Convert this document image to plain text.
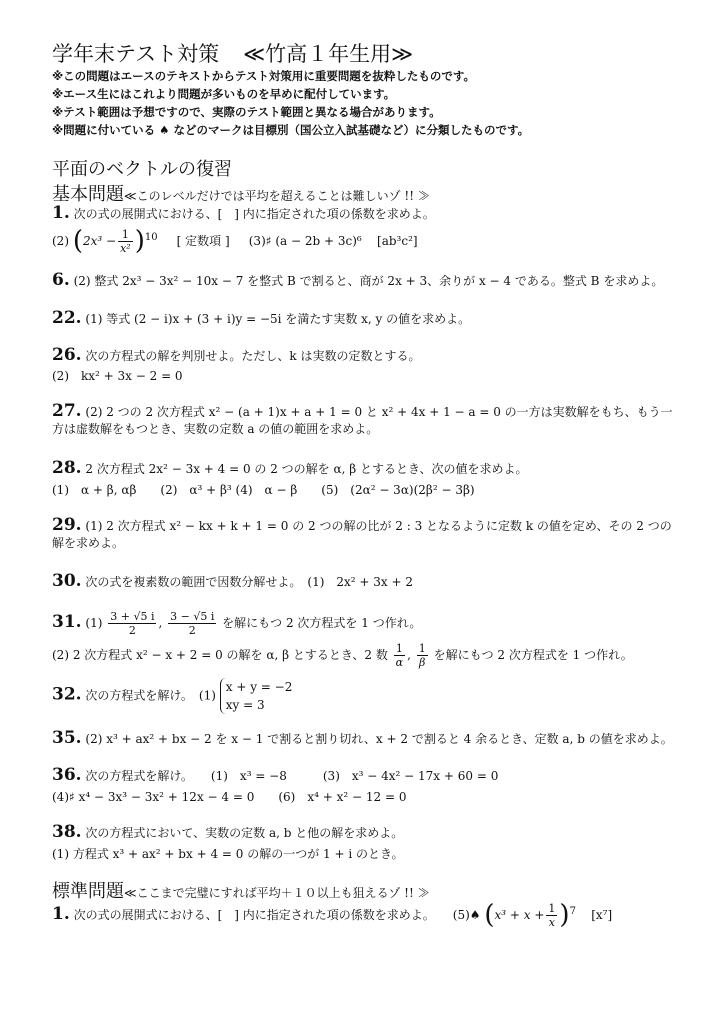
学年末テスト対策 ≪竹高１年生用≫
※この問題はエースのテキストからテスト対策用に重要問題を抜粋したものです。
※エース生にはこれより問題が多いものを早めに配付しています。
※テスト範囲は予想ですので、実際のテスト範囲と異なる場合があります。
※問題に付いている ♠ などのマークは目標別（国公立入試基礎など）に分類したものです。
平面のベクトルの復習
基本問題≪このレベルだけでは平均を超えることは難しいゾ !! ≫
1. 次の式の展開式における、[　] 内に指定された項の係数を求めよ。
(2) $(2x^3 - \frac{1}{\text{x²}} )^{10}$ [ 定数項 ] (3)♯ (a − 2b + 3c)⁶ [ab³c²]
6. (2) 整式 2x³ − 3x² − 10x − 7 を整式 B で割ると、商が 2x + 3、余りが x − 4 である。整式 B を求めよ。
22. (1) 等式 (2 − i)x + (3 + i)y = −5i を満たす実数 x, y の値を求めよ。
26. 次の方程式の解を判別せよ。ただし、k は実数の定数とする。
(2)　kx² + 3x − 2 = 0
27. (2) 2 つの 2 次方程式 x² − (a + 1)x + a + 1 = 0 と x² + 4x + 1 − a = 0 の一方は実数解をもち、もう一方は虚数解をもつとき、実数の定数 a の値の範囲を求めよ。
28. 2 次方程式 2x² − 3x + 4 = 0 の 2 つの解を α, β とするとき、次の値を求めよ。
(1)　α + β, αβ　　(2)　α³ + β³ (4)　α − β　　(5)　(2α² − 3α)(2β² − 3β)
29. (1) 2 次方程式 x² − kx + k + 1 = 0 の 2 つの解の比が 2 : 3 となるように定数 k の値を定め、その 2 つの解を求めよ。
30. 次の式を複素数の範囲で因数分解せよ。　(1)　2x² + 3x + 2
31. $(1) \frac{3 + √5 i}{2}$ , $\frac{3 - √5 i}{2}$ を解にもつ 2 次方程式を 1 つ作れ。
(2) 2 次方程式 x² − x + 2 = 0 の解を α, β とするとき、2 数 $\frac{1}{\alpha}$ , $\frac{1}{\beta}$ を解にもつ 2 次方程式を 1 つ作れ。
32. 次の方程式を解け。　(1)
x + y = −2
xy = 3
35. (2) x³ + ax² + bx − 2 を x − 1 で割ると割り切れ、x + 2 で割ると 4 余るとき、定数 a, b の値を求めよ。
36. 次の方程式を解け。　　(1)　x³ = −8　　　(3)　x³ − 4x² − 17x + 60 = 0
(4)♯ x⁴ − 3x³ − 3x² + 12x − 4 = 0　　(6)　x⁴ + x² − 12 = 0
38. 次の方程式において、実数の定数 a, b と他の解を求めよ。
(1) 方程式 x³ + ax² + bx + 4 = 0 の解の一つが 1 + i のとき。
標準問題≪ここまで完璧にすれば平均＋１０以上も狙えるゾ !! ≫
1. 次の式の展開式における、[　] 内に指定された項の係数を求めよ。　　(5)♠ $(x^3 + x + \frac{1}{x} )^7$ [x⁷]
